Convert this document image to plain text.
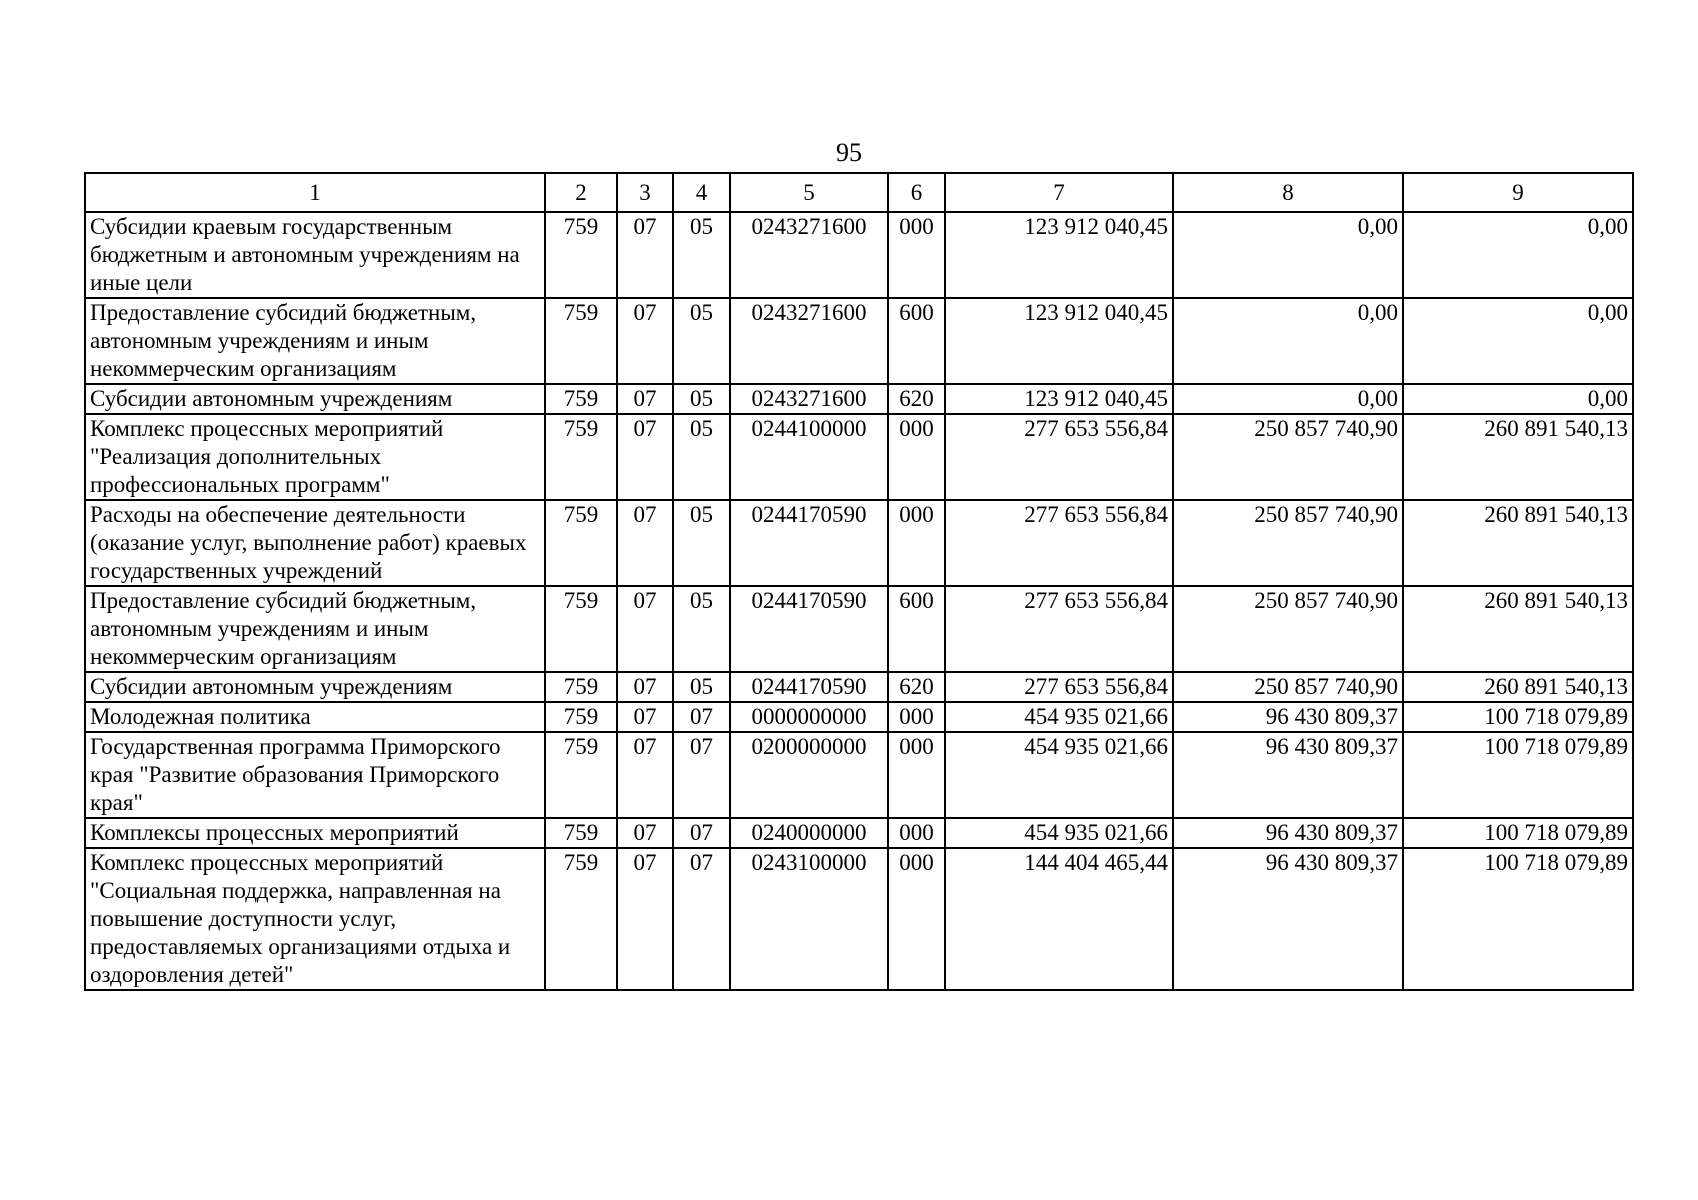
95
1	2	3	4	5	6	7	8	9
Субсидии краевым государственным бюджетным и автономным учреждениям на иные цели	759	07	05	0243271600	000	123 912 040,45	0,00	0,00
Предоставление субсидий бюджетным, автономным учреждениям и иным некоммерческим организациям	759	07	05	0243271600	600	123 912 040,45	0,00	0,00
Субсидии автономным учреждениям	759	07	05	0243271600	620	123 912 040,45	0,00	0,00
Комплекс процессных мероприятий "Реализация дополнительных профессиональных программ"	759	07	05	0244100000	000	277 653 556,84	250 857 740,90	260 891 540,13
Расходы на обеспечение деятельности (оказание услуг, выполнение работ) краевых государственных учреждений	759	07	05	0244170590	000	277 653 556,84	250 857 740,90	260 891 540,13
Предоставление субсидий бюджетным, автономным учреждениям и иным некоммерческим организациям	759	07	05	0244170590	600	277 653 556,84	250 857 740,90	260 891 540,13
Субсидии автономным учреждениям	759	07	05	0244170590	620	277 653 556,84	250 857 740,90	260 891 540,13
Молодежная политика	759	07	07	0000000000	000	454 935 021,66	96 430 809,37	100 718 079,89
Государственная программа Приморского края "Развитие образования Приморского края"	759	07	07	0200000000	000	454 935 021,66	96 430 809,37	100 718 079,89
Комплексы процессных мероприятий	759	07	07	0240000000	000	454 935 021,66	96 430 809,37	100 718 079,89
Комплекс процессных мероприятий "Социальная поддержка, направленная на повышение доступности услуг, предоставляемых организациями отдыха и оздоровления детей"	759	07	07	0243100000	000	144 404 465,44	96 430 809,37	100 718 079,89
